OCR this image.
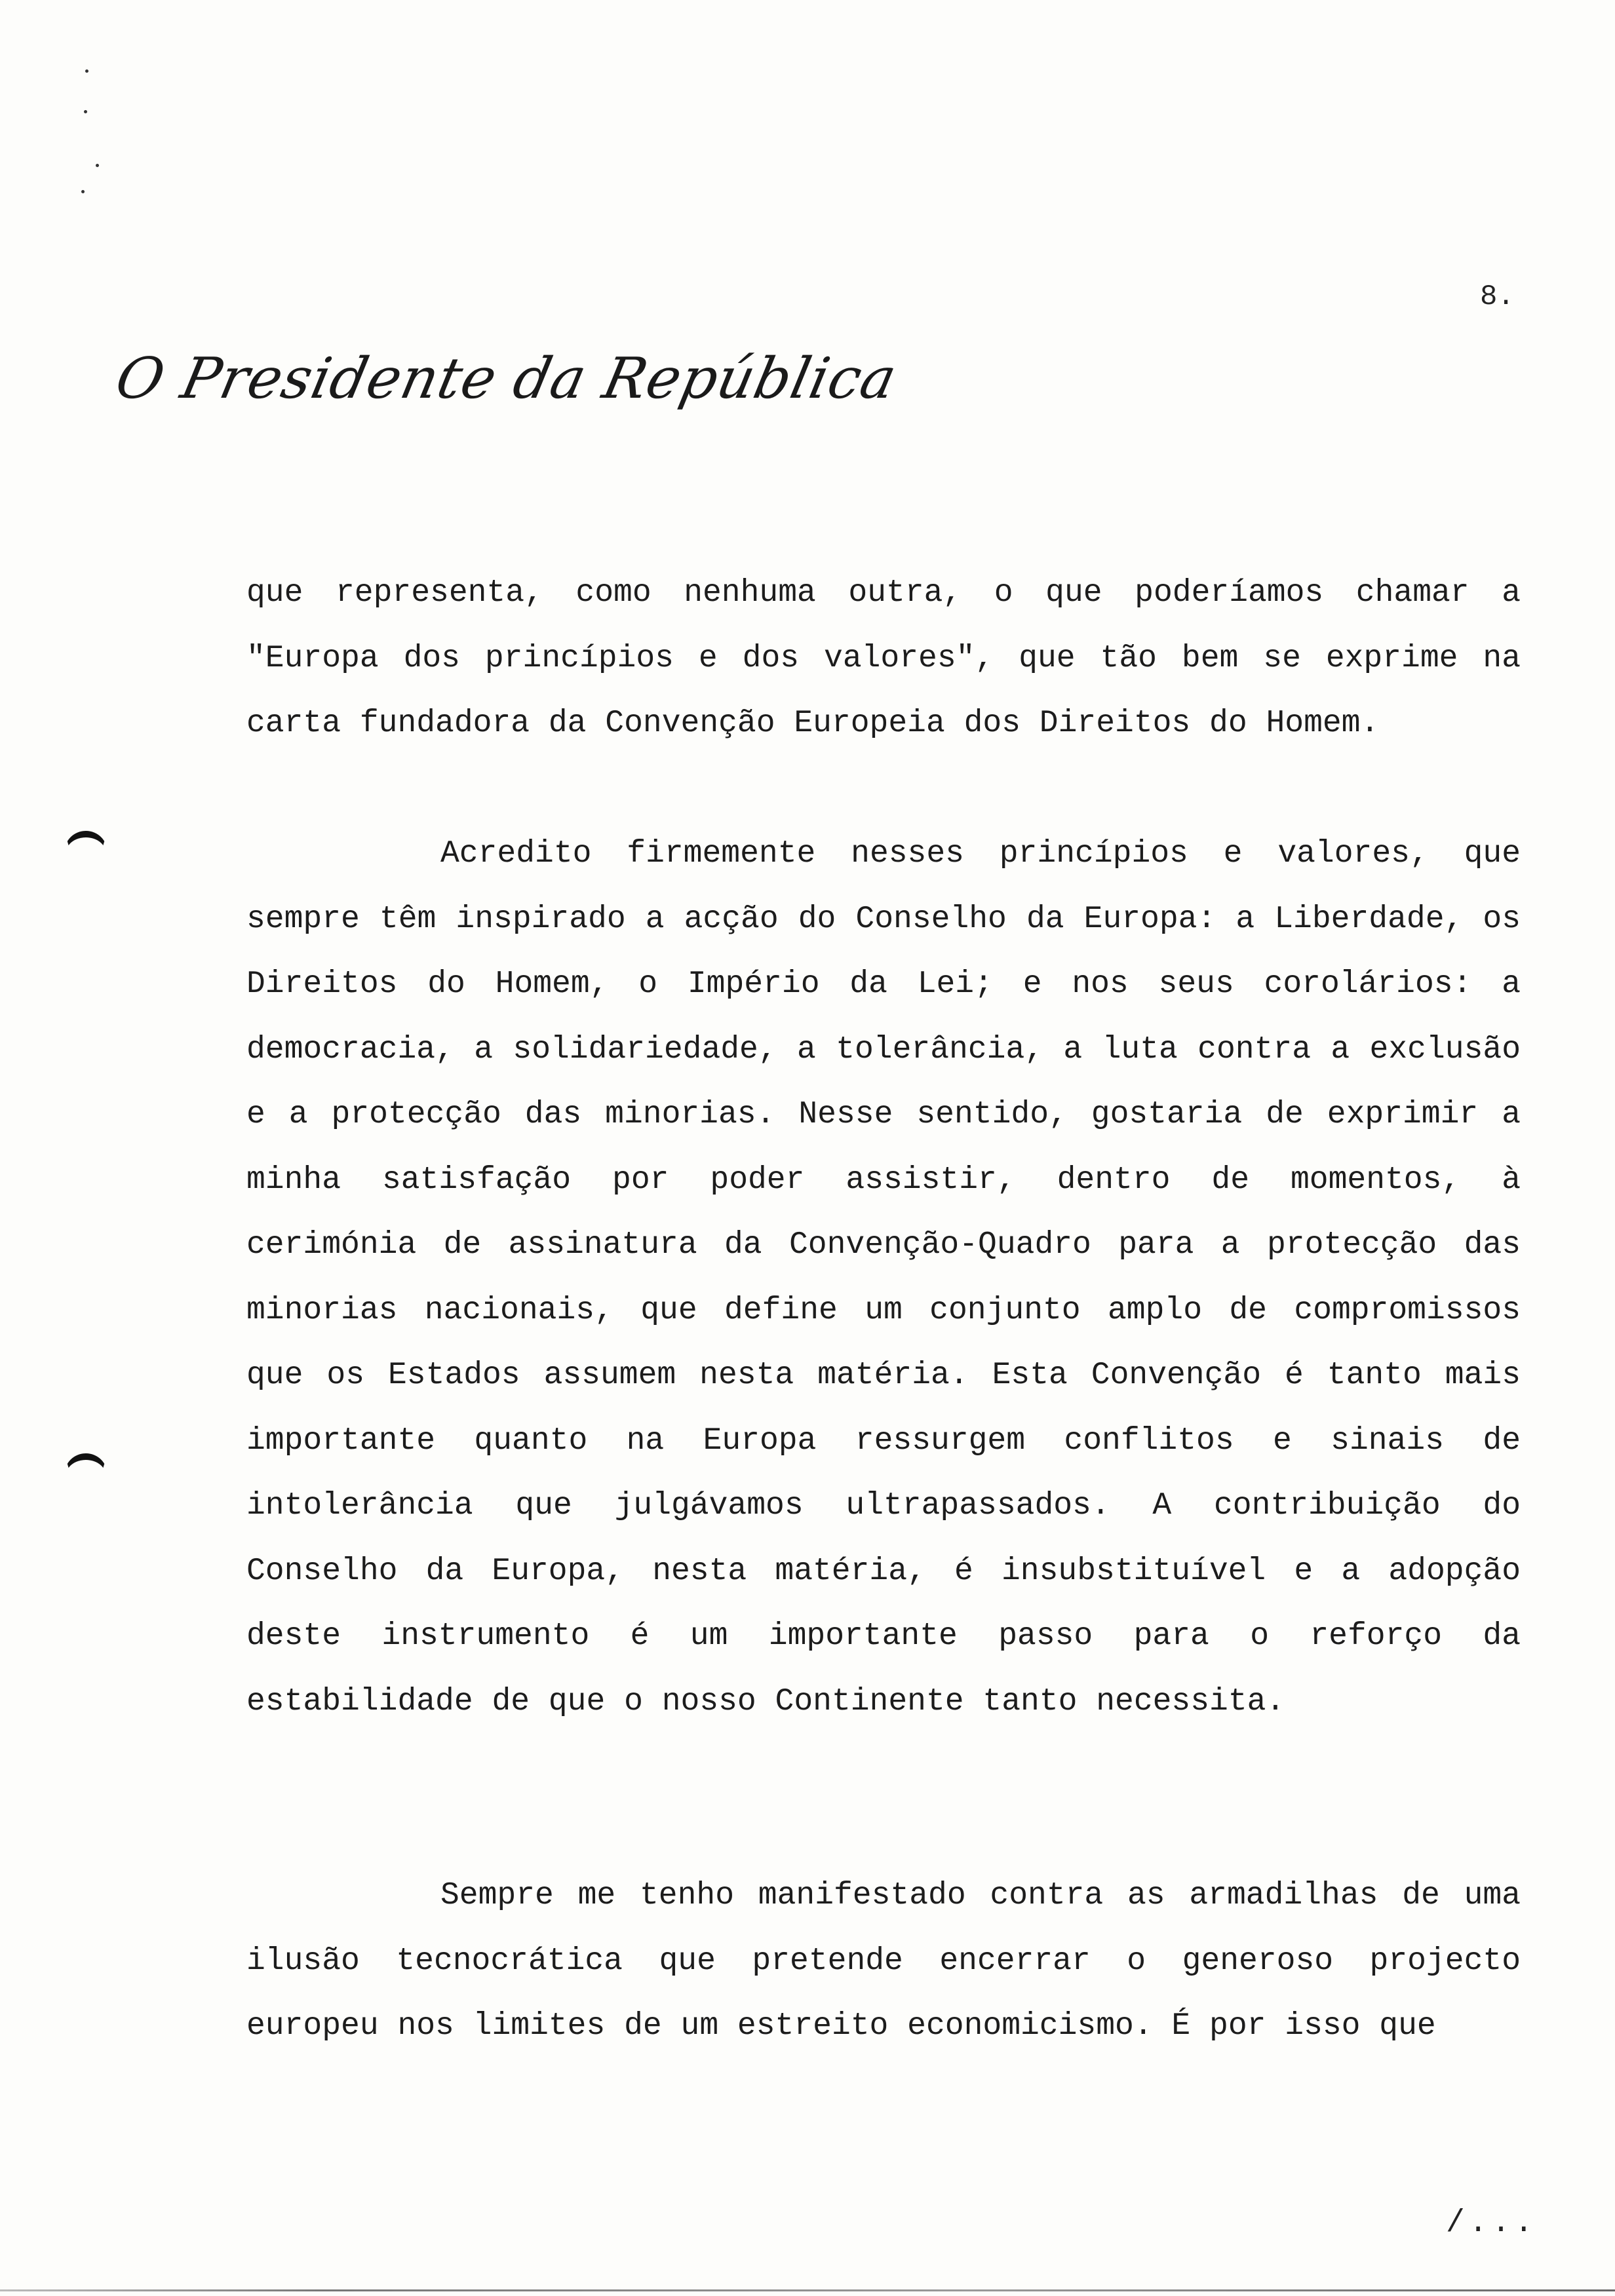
8.
O Presidente da República

que representa, como nenhuma outra, o que poderíamos chamar a "Europa dos princípios e dos valores", que tão bem se exprime na carta fundadora da Convenção Europeia dos Direitos do Homem.

Acredito firmemente nesses princípios e valores, que sempre têm inspirado a acção do Conselho da Europa: a Liberdade, os Direitos do Homem, o Império da Lei; e nos seus corolários: a democracia, a solidariedade, a tolerância, a luta contra a exclusão e a protecção das minorias. Nesse sentido, gostaria de exprimir a minha satisfação por poder assistir, dentro de momentos, à cerimónia de assinatura da Convenção-Quadro para a protecção das minorias nacionais, que define um conjunto amplo de compromissos que os Estados assumem nesta matéria. Esta Convenção é tanto mais importante quanto na Europa ressurgem conflitos e sinais de intolerância que julgávamos ultrapassados. A contribuição do Conselho da Europa, nesta matéria, é insubstituível e a adopção deste instrumento é um importante passo para o reforço da estabilidade de que o nosso Continente tanto necessita.

Sempre me tenho manifestado contra as armadilhas de uma ilusão tecnocrática que pretende encerrar o generoso projecto europeu nos limites de um estreito economicismo. É por isso que

/...
